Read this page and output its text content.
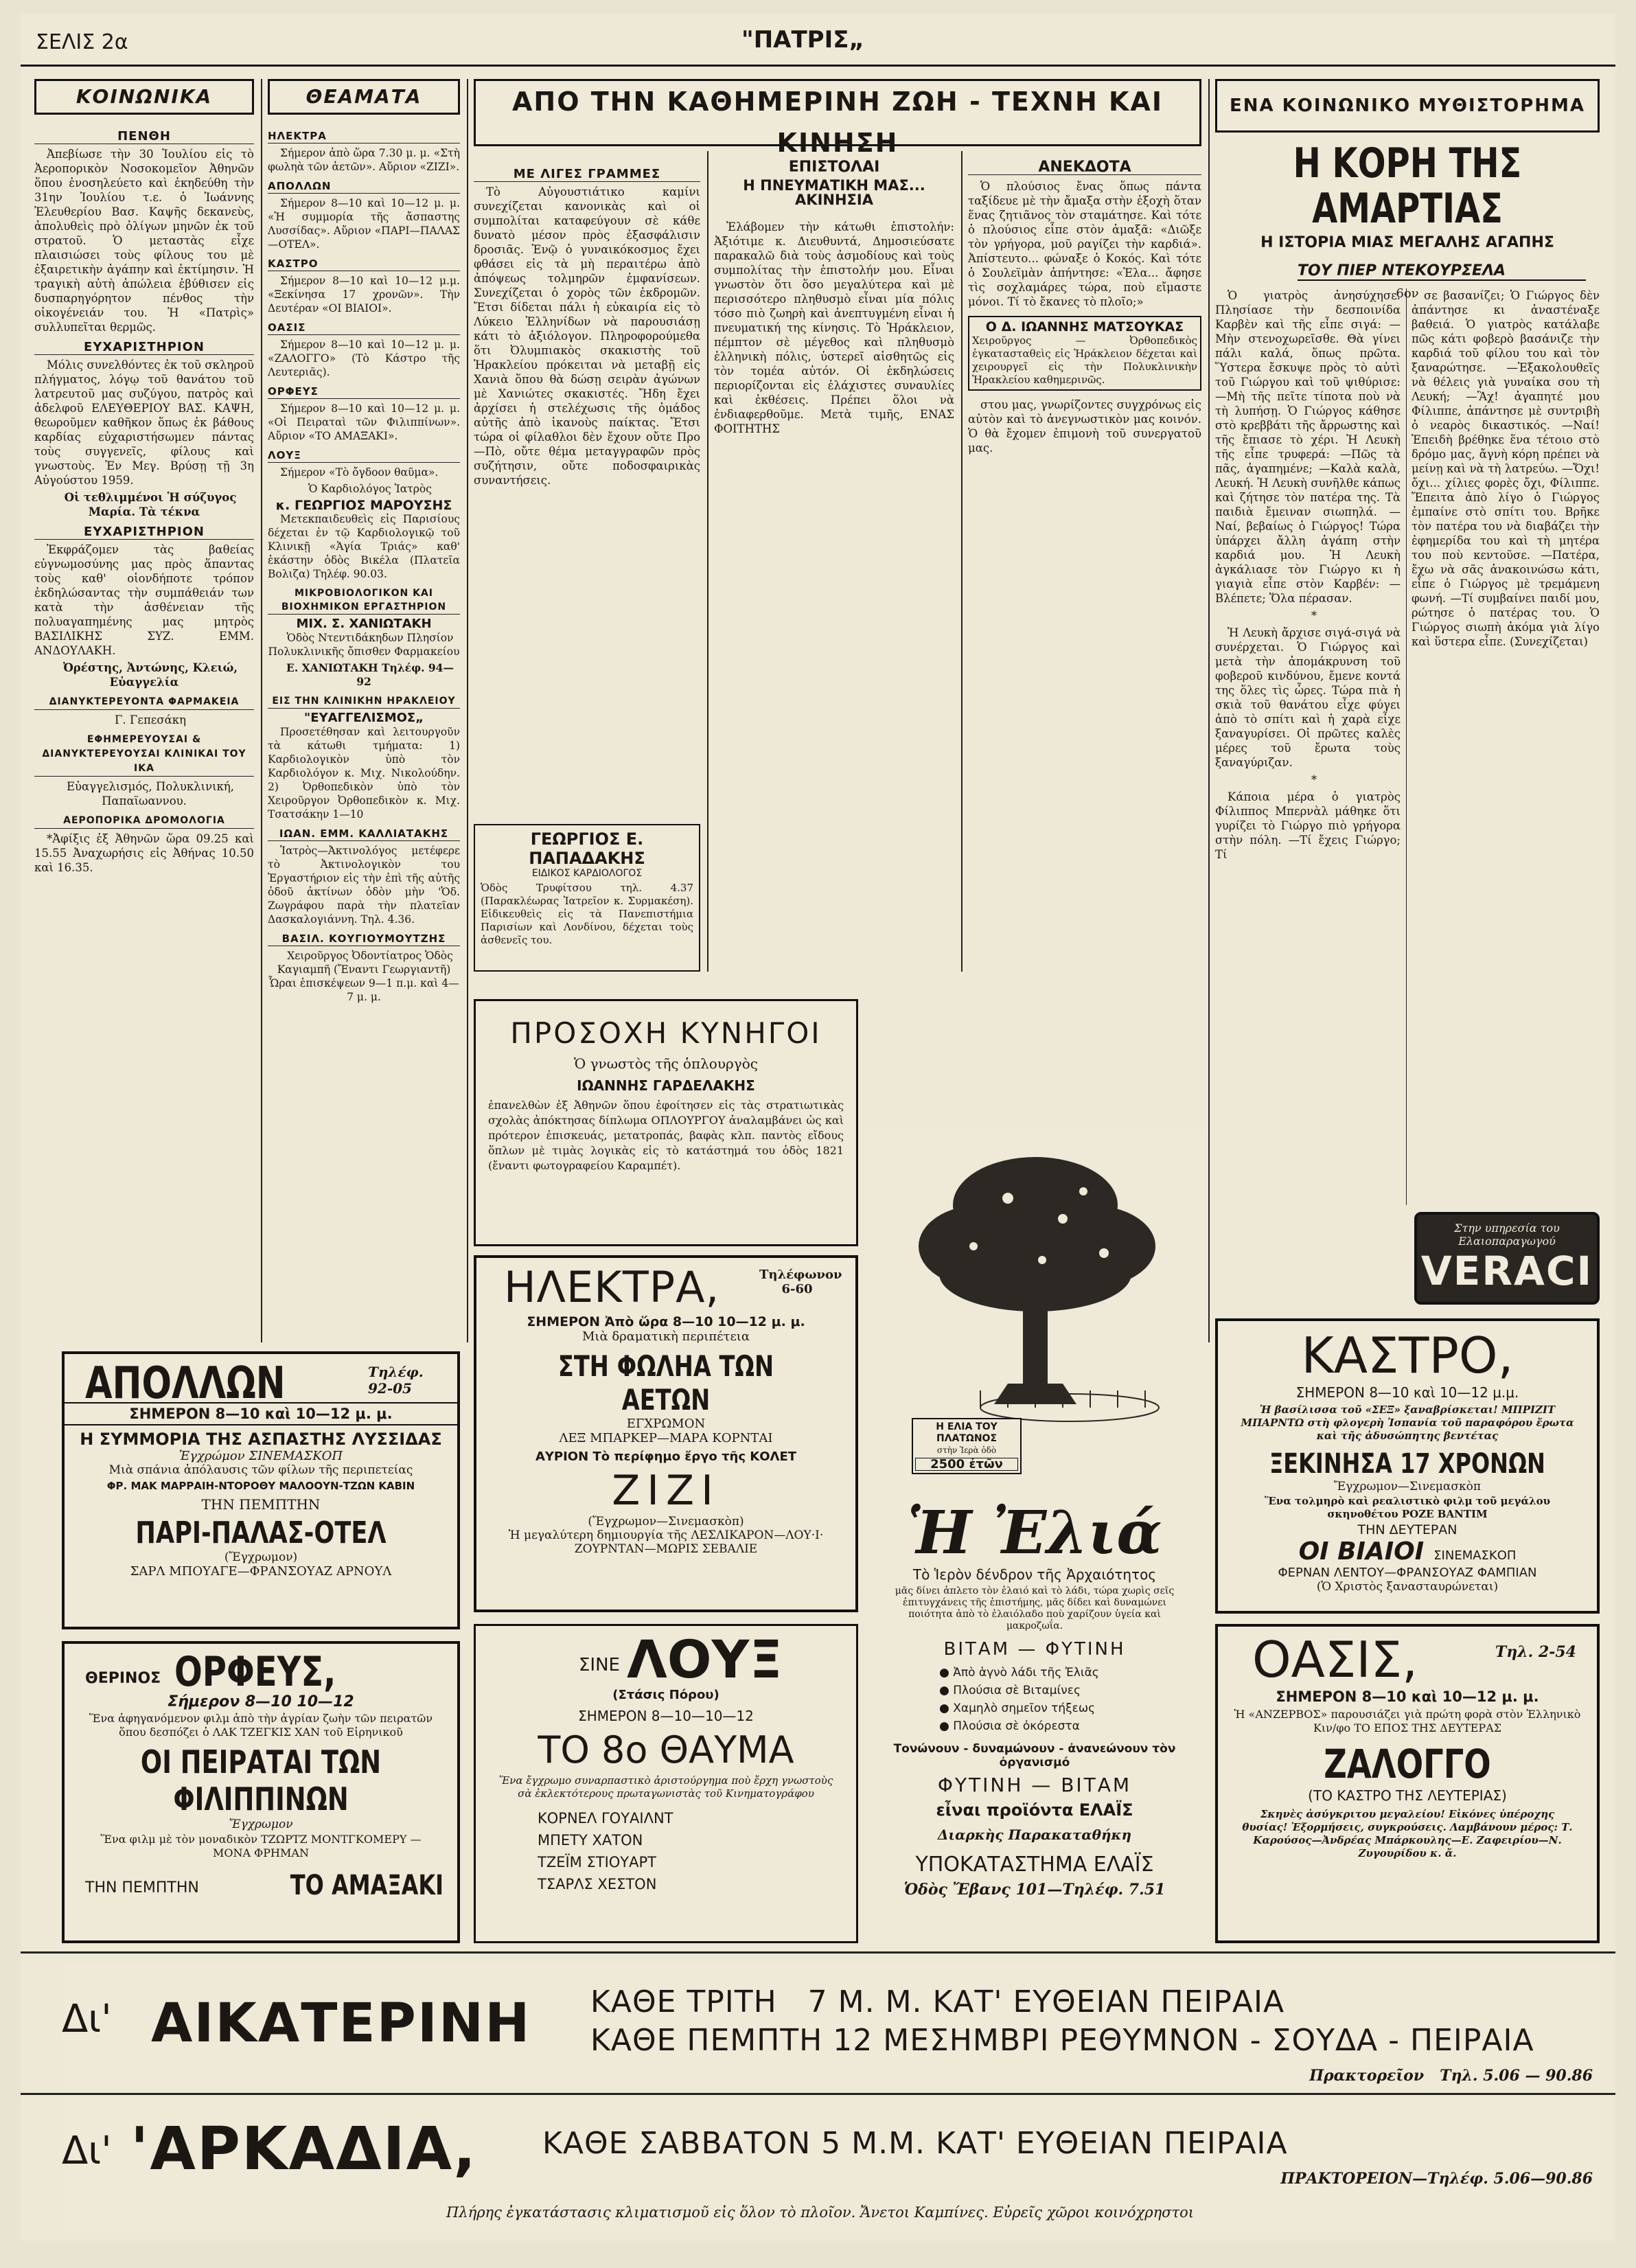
ΣΕΛΙΣ 2α	"ΠΑΤΡΙΣ„
ΚΟΙΝΩΝΙΚΑ
ΠΕΝΘΗ

Ἀπεβίωσε τὴν 30 Ἰουλίου εἰς τὸ Ἀεροπορικὸν Νοσοκομεῖον Ἀθηνῶν ὅπου ἐνοσηλεύετο καὶ ἐκηδεύθη τὴν 31ην Ἰουλίου τ.ε. ὁ Ἰωάννης Ἐλευθερίου Βασ. Καψῆς δεκανεὺς, ἀπολυθεὶς πρὸ ὀλίγων μηνῶν ἐκ τοῦ στρατοῦ. Ὁ μεταστὰς εἶχε πλαισιώσει τοὺς φίλους του μὲ ἐξαιρετικὴν ἀγάπην καὶ ἐκτίμησιν. Ἡ τραγικὴ αὐτὴ ἀπώλεια ἐβύθισεν εἰς δυσπαρηγόρητον πένθος τὴν οἰκογένειάν του. Ἡ «Πατρὶς» συλλυπεῖται θερμῶς.

ΕΥΧΑΡΙΣΤΗΡΙΟΝ

Μόλις συνελθόντες ἐκ τοῦ σκληροῦ πλήγματος, λόγῳ τοῦ θανάτου τοῦ λατρευτοῦ μας συζύγου, πατρὸς καὶ ἀδελφοῦ ΕΛΕΥΘΕΡΙΟΥ ΒΑΣ. ΚΑΨΗ, θεωροῦμεν καθῆκον ὅπως ἐκ βάθους καρδίας εὐχαριστήσωμεν πάντας τοὺς συγγενεῖς, φίλους καὶ γνωστοὺς. Ἐν Μεγ. Βρύσῃ τῇ 3η Αὐγούστου 1959.

Οἱ τεθλιμμένοι Ἡ σύζυγος Μαρία. Τὰ τέκνα

ΕΥΧΑΡΙΣΤΗΡΙΟΝ

Ἐκφράζομεν τὰς βαθείας εὐγνωμοσύνης μας πρὸς ἅπαντας τοὺς καθ' οἱονδήποτε τρόπον ἐκδηλώσαντας τὴν συμπάθειάν των κατὰ τὴν ἀσθένειαν τῆς πολυαγαπημένης μας μητρὸς ΒΑΣΙΛΙΚΗΣ ΣΥΖ. ΕΜΜ. ΑΝΔΟΥΛΑΚΗ.

Ὀρέστης, Ἀντώνης, Κλειώ, Εὐαγγελία

ΔΙΑΝΥΚΤΕΡΕΥΟΝΤΑ ΦΑΡΜΑΚΕΙΑ

Γ. Γεπεσάκη

ΕΦΗΜΕΡΕΥΟΥΣΑΙ & ΔΙΑΝΥΚΤΕΡΕΥΟΥΣΑΙ ΚΛΙΝΙΚΑΙ ΤΟΥ ΙΚΑ

Εὐαγγελισμός, Πολυκλινική, Παπαϊωαννου.

ΑΕΡΟΠΟΡΙΚΑ ΔΡΟΜΟΛΟΓΙΑ

*Ἀφίξις ἐξ Ἀθηνῶν ὥρα 09.25 καὶ 15.55 Ἀναχωρήσις εἰς Ἀθήνας 10.50 καὶ 16.35.

ΘΕΑΜΑΤΑ
ΗΛΕΚΤΡΑ

Σήμερον ἀπὸ ὥρα 7.30 μ. μ. «Στὴ φωληὰ τῶν ἀετῶν». Αὔριον «ΖΙΖΙ».

ΑΠΟΛΛΩΝ

Σήμερον 8—10 καὶ 10—12 μ. μ. «Ἡ συμμορία τῆς ἄσπαστης Λυσσίδας». Αὔριον «ΠΑΡΙ—ΠΑΛΑΣ—ΟΤΕΛ».

ΚΑΣΤΡΟ

Σήμερον 8—10 καὶ 10—12 μ.μ. «Ξεκίνησα 17 χρονῶν». Τὴν Δευτέραν «ΟΙ ΒΙΑΙΟΙ».

ΟΑΣΙΣ

Σήμερον 8—10 καὶ 10—12 μ. μ. «ΖΑΛΟΓΓΟ» (Τὸ Κάστρο τῆς Λευτεριᾶς).

ΟΡΦΕΥΣ

Σήμερον 8—10 καὶ 10—12 μ. μ. «Οἱ Πειραταὶ τῶν Φιλιππίνων». Αὔριον «ΤΟ ΑΜΑΞΑΚΙ».

ΛΟΥΞ

Σήμερον «Τὸ ὄγδοον θαῦμα».

Ὁ Καρδιολόγος Ἰατρὸς

κ. ΓΕΩΡΓΙΟΣ ΜΑΡΟΥΣΗΣ

Μετεκπαιδευθεὶς εἰς Παρισίους δέχεται ἐν τῷ Καρδιολογικῷ τοῦ Κλινικῇ «Ἁγία Τριάς» καθ' ἑκάστην ὁδὸς Βικέλα (Πλατεῖα Βολιζα) Τηλέφ. 90.03.

ΜΙΚΡΟΒΙΟΛΟΓΙΚΟΝ ΚΑΙ ΒΙΟΧΗΜΙΚΟΝ ΕΡΓΑΣΤΗΡΙΟΝ
ΜΙΧ. Σ. ΧΑΝΙΩΤΑΚΗ

Ὁδὸς Ντεντιδάκηδων Πλησίον Πολυκλινικῆς ὄπισθεν Φαρμακείου

Ε. ΧΑΝΙΩΤΑΚΗ Τηλέφ. 94—92

ΕΙΣ ΤΗΝ ΚΛΙΝΙΚΗΝ ΗΡΑΚΛΕΙΟΥ
"ΕΥΑΓΓΕΛΙΣΜΟΣ„

Προσετέθησαν καὶ λειτουργοῦν τὰ κάτωθι τμήματα: 1) Καρδιολογικὸν ὑπὸ τὸν Καρδιολόγον κ. Μιχ. Νικολούδην. 2) Ὀρθοπεδικὸν ὑπὸ τὸν Χειροῦργον Ὀρθοπεδικὸν κ. Μιχ. Τσατσάκην 1—10

ΙΩΑΝ. ΕΜΜ. ΚΑΛΛΙΑΤΑΚΗΣ

Ἰατρὸς—Ἀκτινολόγος μετέφερε τὸ Ἀκτινολογικὸν του Ἐργαστήριον εἰς τὴν ἐπὶ τῆς αὐτῆς ὁδοῦ ἀκτίνων ὁδὸν μὴν 'Ὁδ. Ζωγράφου παρὰ τὴν πλατεῖαν Δασκαλογιάννη. Τηλ. 4.36.

ΒΑΣΙΛ. ΚΟΥΓΙΟΥΜΟΥΤΖΗΣ

Χειροῦργος Ὀδοντίατρος Ὁδὸς Καγιαμπῆ (Ἔναντι Γεωργιαντῆ) Ὧραι ἐπισκέψεων 9—1 π.μ. καὶ 4—7 μ. μ.

ΑΠΟ ΤΗΝ ΚΑΘΗΜΕΡΙΝΗ ΖΩΗ - ΤΕΧΝΗ ΚΑΙ ΚΙΝΗΣΗ
ΜΕ ΛΙΓΕΣ ΓΡΑΜΜΕΣ

Τὸ Αὐγουστιάτικο καμίνι συνεχίζεται κανονικὰς καὶ οἱ συμπολίται καταφεύγουν σὲ κάθε δυνατὸ μέσον πρὸς ἐξασφάλισιν δροσιᾶς. Ἐνῷ ὁ γυναικόκοσμος ἔχει φθάσει εἰς τὰ μὴ περαιτέρω ἀπὸ ἀπόψεως τολμηρῶν ἐμφανίσεων. Συνεχίζεται ὁ χορὸς τῶν ἐκδρομῶν. Ἔτσι δίδεται πάλι ἡ εὐκαιρία εἰς τὸ Λύκειο Ἑλληνίδων νὰ παρουσιάσῃ κάτι τὸ ἀξιόλογον. Πληροφορούμεθα ὅτι Ὀλυμπιακὸς σκακιστὴς τοῦ Ἡρακλείου πρόκειται νὰ μεταβῇ εἰς Χανιὰ ὅπου θὰ δώσῃ σειρὰν ἀγώνων μὲ Χανιώτες σκακιστές. Ἤδη ἔχει ἀρχίσει ἡ στελέχωσις τῆς ὁμάδος αὐτῆς ἀπὸ ἱκανοὺς παίκτας. Ἔτσι τώρα οἱ φίλαθλοι δὲν ἔχουν οὔτε Προ—Πὸ, οὔτε θέμα μεταγγραφῶν πρὸς συζήτησιν, οὔτε ποδοσφαιρικὰς συναντήσεις.

ΓΕΩΡΓΙΟΣ Ε. ΠΑΠΑΔΑΚΗΣ
ΕΙΔΙΚΟΣ ΚΑΡΔΙΟΛΟΓΟΣ
Ὁδὸς Τρυφίτσου τηλ. 4.37 (Παρακλέωρας Ἰατρεῖον κ. Συρμακέση). Εἰδικευθεὶς εἰς τὰ Πανεπιστήμια Παρισίων καὶ Λονδίνου, δέχεται τοὺς ἀσθενεῖς του.
ΕΠΙΣΤΟΛΑΙ
Η ΠΝΕΥΜΑΤΙΚΗ ΜΑΣ... ΑΚΙΝΗΣΙΑ

Ἐλάβομεν τὴν κάτωθι ἐπιστολήν: Ἀξιότιμε κ. Διευθυντά, Δημοσιεύσατε παρακαλῶ διὰ τοὺς ἀσμοδίους καὶ τοὺς συμπολίτας τὴν ἐπιστολήν μου. Εἶναι γνωστὸν ὅτι ὅσο μεγαλύτερα καὶ μὲ περισσότερο πληθυσμὸ εἶναι μία πόλις τόσο πιὸ ζωηρὴ καὶ ἀνεπτυγμένη εἶναι ἡ πνευματική της κίνησις. Τὸ Ἡράκλειον, πέμπτον σὲ μέγεθος καὶ πληθυσμὸ ἑλληνικὴ πόλις, ὑστερεῖ αἰσθητῶς εἰς τὸν τομέα αὐτόν. Οἱ ἐκδηλώσεις περιορίζονται εἰς ἐλάχιστες συναυλίες καὶ ἐκθέσεις. Πρέπει ὅλοι νὰ ἐνδιαφερθοῦμε. Μετὰ τιμῆς, ΕΝΑΣ ΦΟΙΤΗΤΗΣ

ΑΝΕΚΔΟΤΑ

Ὁ πλούσιος ἔνας ὅπως πάντα ταξίδευε μὲ τὴν ἄμαξα στὴν ἐξοχὴ ὅταν ἕνας ζητιᾶνος τὸν σταμάτησε. Καὶ τότε ὁ πλούσιος εἶπε στὸν ἀμαξᾶ: «Διῶξε τὸν γρήγορα, μοῦ ραγίζει τὴν καρδιά». Ἀπίστευτο... φώναξε ὁ Κοκός. Καὶ τότε ὁ Σουλεϊμὰν ἀπήντησε: «Ἐλα... ἄφησε τὶς σοχλαμάρες τώρα, ποὺ εἴμαστε μόνοι. Τί τὸ ἔκανες τὸ πλοῖο;»

Ο Δ. ΙΩΑΝΝΗΣ ΜΑΤΣΟΥΚΑΣ
Χειροῦργος — Ὀρθοπεδικὸς ἐγκατασταθεὶς εἰς Ἡράκλειον δέχεται καὶ χειρουργεῖ εἰς τὴν Πολυκλινικὴν Ἡρακλείου καθημερινῶς.

στου μας, γνωρίζοντες συγχρόνως εἰς αὐτὸν καὶ τὸ ἀνεγνωστικὸν μας κοινόν. Ὁ θὰ ἔχομεν ἐπιμονὴ τοῦ συνεργατοῦ μας.

ΕΝΑ ΚΟΙΝΩΝΙΚΟ ΜΥΘΙΣΤΟΡΗΜΑ
Η ΚΟΡΗ ΤΗΣ ΑΜΑΡΤΙΑΣ
Η ΙΣΤΟΡΙΑ ΜΙΑΣ ΜΕΓΑΛΗΣ ΑΓΑΠΗΣ
ΤΟΥ ΠΙΕΡ ΝΤΕΚΟΥΡΣΕΛΑ
6ον

Ὁ γιατρὸς ἀνησύχησε. Πλησίασε τὴν δεσποινίδα Καρβὲν καὶ τῆς εἶπε σιγά: —Μὴν στενοχωρεῖσθε. Θὰ γίνει πάλι καλά, ὅπως πρῶτα. Ὕστερα ἔσκυψε πρὸς τὸ αὐτὶ τοῦ Γιώργου καὶ τοῦ ψιθύρισε: —Μὴ τῆς πεῖτε τίποτα ποὺ νὰ τὴ λυπήσῃ. Ὁ Γιώργος κάθησε στὸ κρεββάτι τῆς ἄρρωστης καὶ τῆς ἔπιασε τὸ χέρι. Ἡ Λευκὴ τῆς εἶπε τρυφερά: —Πῶς τὰ πᾶς, ἀγαπημένε; —Καλὰ καλὰ, Λευκή. Ἡ Λευκὴ συνῆλθε κάπως καὶ ζήτησε τὸν πατέρα της. Τὰ παιδιὰ ἔμειναν σιωπηλά. —Ναί, βεβαίως ὁ Γιώργος! Τώρα ὑπάρχει ἄλλη ἀγάπη στὴν καρδιά μου. Ἡ Λευκὴ ἀγκάλιασε τὸν Γιώργο κι ἡ γιαγιὰ εἶπε στὸν Καρβέν: —Βλέπετε; Ὅλα πέρασαν.

*

Ἡ Λευκὴ ἄρχισε σιγά-σιγά νὰ συνέρχεται. Ὁ Γιώργος καὶ μετὰ τὴν ἀπομάκρυνση τοῦ φοβεροῦ κινδύνου, ἔμενε κοντά της ὅλες τὶς ὧρες. Τώρα πιὰ ἡ σκιὰ τοῦ θανάτου εἶχε φύγει ἀπὸ τὸ σπίτι καὶ ἡ χαρὰ εἶχε ξαναγυρίσει. Οἱ πρῶτες καλὲς μέρες τοῦ ἔρωτα τοὺς ξαναγύριζαν.

*

Κάποια μέρα ὁ γιατρὸς Φίλιππος Μπερνὰλ μάθηκε ὅτι γυρίζει τὸ Γιώργο πιὸ γρήγορα στὴν πόλη. —Τί ἔχεις Γιώργο; Τί

σε βασανίζει; Ὁ Γιώργος δὲν ἀπάντησε κι ἀναστέναξε βαθειά. Ὁ γιατρὸς κατάλαβε πῶς κάτι φοβερὸ βασάνιζε τὴν καρδιά τοῦ φίλου του καὶ τὸν ξαναρώτησε. —Ἐξακολουθεῖς νὰ θέλεις γιὰ γυναίκα σου τὴ Λευκή; —Ἂχ! ἀγαπητέ μου Φίλιππε, ἀπάντησε μὲ συντριβὴ ὁ νεαρὸς δικαστικός. —Ναί! Ἐπειδὴ βρέθηκε ἕνα τέτοιο στὸ δρόμο μας, ἄγνὴ κόρη πρέπει νὰ μείνῃ καὶ νὰ τὴ λατρεύω. —Ὄχι! ὄχι... χίλιες φορὲς ὄχι, Φίλιππε. Ἔπειτα ἀπὸ λίγο ὁ Γιώργος ἐμπαίνε στὸ σπίτι του. Βρῆκε τὸν πατέρα του νὰ διαβάζει τὴν ἐφημερίδα του καὶ τὴ μητέρα του ποὺ κεντοῦσε. —Πατέρα, ἔχω νὰ σᾶς ἀνακοινώσω κάτι, εἶπε ὁ Γιώργος μὲ τρεμάμενη φωνή. —Τί συμβαίνει παιδί μου, ρώτησε ὁ πατέρας του. Ὁ Γιώργος σιωπὴ ἀκόμα γιὰ λίγο καὶ ὕστερα εἶπε. (Συνεχίζεται)

Στην υπηρεσία του Ελαιοπαραγωγού
VERACI
ΑΠΟΛΛΩΝ	Τηλέφ. 92-05
ΣΗΜΕΡΟΝ 8—10 καὶ 10—12 μ. μ.
Η ΣΥΜΜΟΡΙΑ ΤΗΣ ΑΣΠΑΣΤΗΣ ΛΥΣΣΙΔΑΣ
Ἐγχρώμον ΣΙΝΕΜΑΣΚΟΠ
Μιὰ σπάνια ἀπόλαυσις τῶν φίλων τῆς περιπετείας
ΦΡ. ΜΑΚ ΜΑΡΡΑΙΗ-ΝΤΟΡΟΘΥ ΜΑΛΟΟΥΝ-ΤΖΩΝ ΚΑΒΙΝ
ΤΗΝ ΠΕΜΠΤΗΝ
ΠΑΡΙ-ΠΑΛΑΣ-ΟΤΕΛ
(Ἔγχρωμον)
ΣΑΡΛ ΜΠΟΥΑΓΕ—ΦΡΑΝΣΟΥΑΖ ΑΡΝΟΥΛ
ΘΕΡΙΝΟΣ ΟΡΦΕΥΣ,
Σήμερον 8—10 10—12
Ἕνα ἀφηγανόμενον φιλμ ἀπὸ τὴν ἀγρίαν ζωὴν τῶν πειρατῶν ὅπου δεσπόζει ὁ ΛΑΚ ΤΖΕΓΚΙΣ ΧΑΝ τοῦ Εἰρηνικοῦ
ΟΙ ΠΕΙΡΑΤΑΙ ΤΩΝ ΦΙΛΙΠΠΙΝΩΝ
Ἔγχρωμον
Ἕνα φιλμ μὲ τὸν μοναδικὸν ΤΖΩΡΤΖ ΜΟΝΤΓΚΟΜΕΡΥ — ΜΟΝΑ ΦΡΗΜΑΝ
ΤΗΝ ΠΕΜΠΤΗΝ	ΤΟ ΑΜΑΞΑΚΙ
ΠΡΟΣΟΧΗ ΚΥΝΗΓΟΙ
Ὁ γνωστὸς τῆς ὁπλουργὸς
ΙΩΑΝΝΗΣ ΓΑΡΔΕΛΑΚΗΣ
ἐπανελθὼν ἐξ Ἀθηνῶν ὅπου ἐφοίτησεν εἰς τὰς στρατιωτικὰς σχολὰς ἀπόκτησας δίπλωμα ΟΠΛΟΥΡΓΟΥ ἀναλαμβάνει ὡς καὶ πρότερον ἐπισκευάς, μετατροπάς, βαφὰς κλπ. παντὸς εἴδους ὅπλων μὲ τιμὰς λογικὰς εἰς τὸ κατάστημά του ὁδὸς 1821 (ἔναντι φωτογραφείου Καραμπέτ).
ΗΛΕΚΤΡΑ,	Τηλέφωνον 6-60
ΣΗΜΕΡΟΝ Ἀπὸ ὥρα 8—10 10—12 μ. μ.
Μιὰ δραματικὴ περιπέτεια
ΣΤΗ ΦΩΛΗΑ ΤΩΝ ΑΕΤΩΝ
ΕΓΧΡΩΜΟΝ
ΛΕΞ ΜΠΑΡΚΕΡ—ΜΑΡΑ ΚΟΡΝΤΑΙ
ΑΥΡΙΟΝ Τὸ περίφημο ἔργο τῆς ΚΟΛΕΤ
ΖΙΖΙ
(Ἔγχρωμον—Σινεμασκὸπ)
Ἡ μεγαλύτερη δημιουργία τῆς ΛΕΣΛΙΚΑΡΟΝ—ΛΟΥ·Ι· ΖΟΥΡΝΤΑΝ—ΜΩΡΙΣ ΣΕΒΑΛΙΕ
ΣΙΝΕ ΛΟΥΞ
(Στάσις Πόρου)
ΣΗΜΕΡΟΝ 8—10—10—12
ΤΟ 8ο ΘΑΥΜΑ
Ἕνα ἔγχρωμο συναρπαστικὸ ἀριστούργημα ποὺ ἔρχη γνωστοὺς σὰ ἐκλεκτότερους πρωταγωνιστὰς τοῦ Κινηματογράφου
ΚΟΡΝΕΛ ΓΟΥΑΙΛΝΤ
ΜΠΕΤΥ ΧΑΤΟΝ
ΤΖΕΪΜ ΣΤΙΟΥΑΡΤ
ΤΣΑΡΛΣ ΧΕΣΤΟΝ
Η ΕΛΙΑ ΤΟΥ
ΠΛΑΤΩΝΟΣ
στὴν Ἱερὰ ὁδὸ
2500 ἐτῶν
Ἡ Ἐλιά
Τὸ Ἱερὸν δένδρον τῆς Ἀρχαιότητος
μᾶς δίνει ἀπλετο τὸν ἐλαιό καὶ τὸ λάδι, τώρα χωρὶς σεῖς ἐπιτυγχάνεις τῆς ἐπιστήμης, μᾶς δίδει καὶ δυναμώνει ποιότητα ἀπὸ τὸ ἐλαιόλαδο ποὺ χαρίζουν ὑγεία καὶ μακροζωΐα.
ΒΙΤΑΜ — ΦΥΤΙΝΗ
● Ἀπὸ ἁγνὸ λάδι τῆς Ἐλιᾶς
● Πλούσια σὲ Βιταμίνες
● Χαμηλὸ σημεῖον τήξεως
● Πλούσια σὲ ὀκόρεστα
Τονώνουν - δυναμώνουν - ἀνανεώνουν τὸν ὀργανισμό
ΦΥΤΙΝΗ — ΒΙΤΑΜ
εἶναι προϊόντα ΕΛΑΪΣ
Διαρκὴς Παρακαταθήκη
ΥΠΟΚΑΤΑΣΤΗΜΑ ΕΛΑΪΣ
Ὁδὸς Ἔβανς 101—Τηλέφ. 7.51
ΚΑΣΤΡΟ,
ΣΗΜΕΡΟΝ 8—10 καὶ 10—12 μ.μ.
Ἡ βασίλισσα τοῦ «ΣΕΞ» ξαναβρίσκεται! ΜΠΡΙΖΙΤ ΜΠΑΡΝΤΩ στὴ φλογερὴ Ἰσπανία τοῦ παραφόρου ἔρωτα καὶ τῆς ἀδυσώπητης βεντέτας
ΞΕΚΙΝΗΣΑ 17 ΧΡΟΝΩΝ
Ἔγχρωμον—Σινεμασκὸπ
Ἕνα τολμηρὸ καὶ ρεαλιστικὸ φιλμ τοῦ μεγάλου σκηνοθέτου ΡΟΖΕ ΒΑΝΤΙΜ
ΤΗΝ ΔΕΥΤΕΡΑΝ
ΟΙ ΒΙΑΙΟΙ ΣΙΝΕΜΑΣΚΟΠ
ΦΕΡΝΑΝ ΛΕΝΤΟΥ—ΦΡΑΝΣΟΥΑΖ ΦΑΜΠΙΑΝ
(Ὁ Χριστὸς ξανασταυρώνεται)
ΟΑΣΙΣ,	Τηλ. 2-54
ΣΗΜΕΡΟΝ 8—10 καὶ 10—12 μ. μ.
Ἡ «ΑΝΖΕΡΒΟΣ» παρουσιάζει γιὰ πρώτη φορὰ στὸν Ἑλληνικὸ Κιν/φο ΤΟ ΕΠΟΣ ΤΗΣ ΔΕΥΤΕΡΑΣ
ΖΑΛΟΓΓΟ
(ΤΟ ΚΑΣΤΡΟ ΤΗΣ ΛΕΥΤΕΡΙΑΣ)
Σκηνὲς ἀσύγκριτου μεγαλείου! Εἰκόνες ὑπέροχης θυσίας! Ἐξορμήσεις, συγκρούσεις. Λαμβάνουν μέρος: Τ. Καρούσος—Ἀνδρέας Μπάρκουλης—Ε. Ζαφειρίου—Ν. Ζυγουρίδου κ. ἄ.
Δι' ΑΙΚΑΤΕΡΙΝΗ ΚΑΘΕ ΤΡΙΤΗ   7 Μ. Μ. ΚΑΤ' ΕΥΘΕΙΑΝ ΠΕΙΡΑΙΑ
ΚΑΘΕ ΠΕΜΠΤΗ 12 ΜΕΣΗΜΒΡΙ ΡΕΘΥΜΝΟΝ - ΣΟΥΔΑ - ΠΕΙΡΑΙΑ
Πρακτορεῖον   Τηλ. 5.06 — 90.86
Δι' 'ΑΡΚΑΔΙΑ, ΚΑΘΕ ΣΑΒΒΑΤΟΝ 5 Μ.Μ. ΚΑΤ' ΕΥΘΕΙΑΝ ΠΕΙΡΑΙΑ
ΠΡΑΚΤΟΡΕΙΟΝ—Τηλέφ. 5.06—90.86
Πλήρης ἐγκατάστασις κλιματισμοῦ εἰς ὅλον τὸ πλοῖον. Ἄνετοι Καμπίνες. Εὐρεῖς χῶροι κοινόχρηστοι
